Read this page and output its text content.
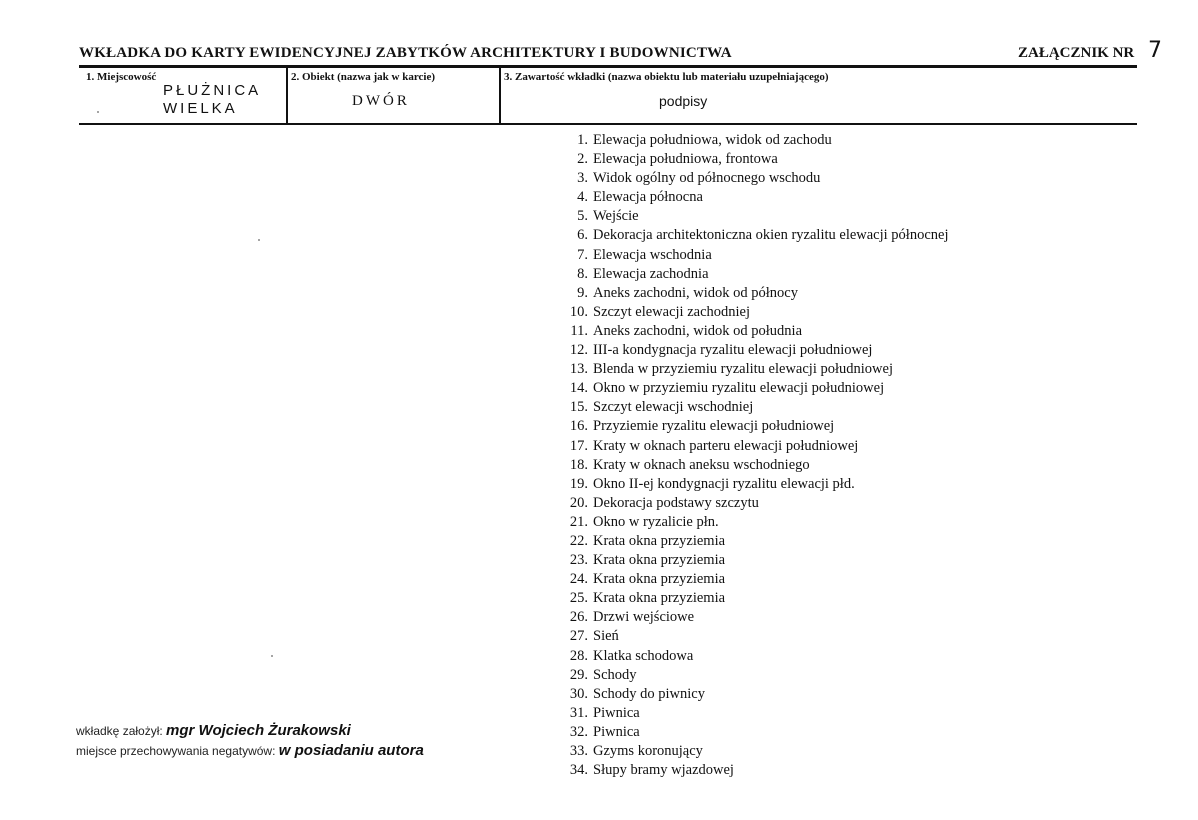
WKŁADKA DO KARTY EWIDENCYJNEJ ZABYTKÓW ARCHITEKTURY I BUDOWNICTWA	ZAŁĄCZNIK NR 7
1. Miejscowość
PŁUŻNICA
WIELKA
2. Obiekt (nazwa jak w karcie)
DWÓR
3. Zawartość wkładki (nazwa obiektu lub materiału uzupełniającego)
podpisy
1. Elewacja południowa, widok od zachodu
2. Elewacja południowa, frontowa
3. Widok ogólny od północnego wschodu
4. Elewacja północna
5. Wejście
6. Dekoracja architektoniczna okien ryzalitu elewacji północnej
7. Elewacja wschodnia
8. Elewacja zachodnia
9. Aneks zachodni, widok od północy
10. Szczyt elewacji zachodniej
11. Aneks zachodni, widok od południa
12. III-a kondygnacja ryzalitu elewacji południowej
13. Blenda w przyziemiu ryzalitu elewacji południowej
14. Okno w przyziemiu ryzalitu elewacji południowej
15. Szczyt elewacji wschodniej
16. Przyziemie ryzalitu elewacji południowej
17. Kraty w oknach parteru elewacji południowej
18. Kraty w oknach aneksu wschodniego
19. Okno II-ej kondygnacji ryzalitu elewacji płd.
20. Dekoracja podstawy szczytu
21. Okno w ryzalicie płn.
22. Krata okna przyziemia
23. Krata okna przyziemia
24. Krata okna przyziemia
25. Krata okna przyziemia
26. Drzwi wejściowe
27. Sień
28. Klatka schodowa
29. Schody
30. Schody do piwnicy
31. Piwnica
32. Piwnica
33. Gzyms koronujący
34. Słupy bramy wjazdowej
wkładkę założył: mgr Wojciech Żurakowski
miejsce przechowywania negatywów: w posiadaniu autora
